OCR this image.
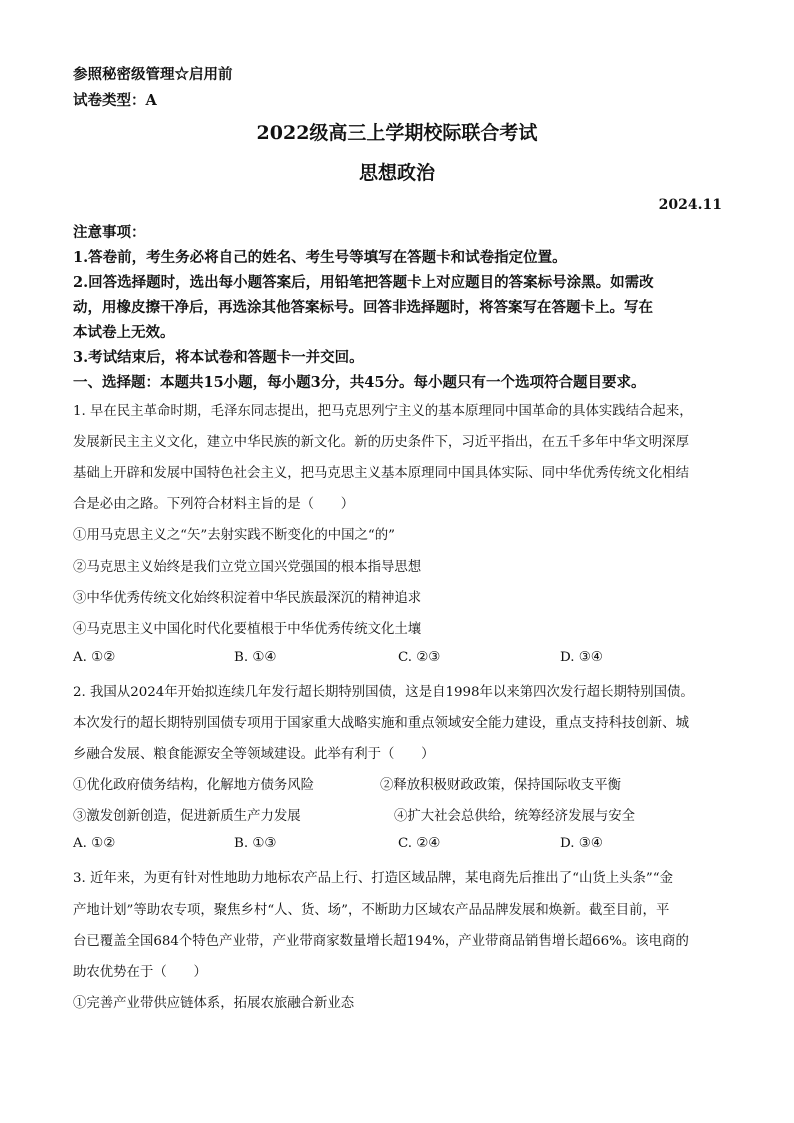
参照秘密级管理☆启用前
试卷类型：A
2022级高三上学期校际联合考试
思想政治
2024.11
注意事项：
1.答卷前，考生务必将自己的姓名、考生号等填写在答题卡和试卷指定位置。
2.回答选择题时，选出每小题答案后，用铅笔把答题卡上对应题目的答案标号涂黑。如需改
动，用橡皮擦干净后，再选涂其他答案标号。回答非选择题时，将答案写在答题卡上。写在
本试卷上无效。
3.考试结束后，将本试卷和答题卡一并交回。
一、选择题：本题共15小题，每小题3分，共45分。每小题只有一个选项符合题目要求。
1. 早在民主革命时期，毛泽东同志提出，把马克思列宁主义的基本原理同中国革命的具体实践结合起来，
发展新民主主义文化，建立中华民族的新文化。新的历史条件下，习近平指出，在五千多年中华文明深厚
基础上开辟和发展中国特色社会主义，把马克思主义基本原理同中国具体实际、同中华优秀传统文化相结
合是必由之路。下列符合材料主旨的是（　　）
①用马克思主义之“矢”去射实践不断变化的中国之“的”
②马克思主义始终是我们立党立国兴党强国的根本指导思想
③中华优秀传统文化始终积淀着中华民族最深沉的精神追求
④马克思主义中国化时代化要植根于中华优秀传统文化土壤
A. ①②	B. ①④	C. ②③	D. ③④
2. 我国从2024年开始拟连续几年发行超长期特别国债，这是自1998年以来第四次发行超长期特别国债。
本次发行的超长期特别国债专项用于国家重大战略实施和重点领域安全能力建设，重点支持科技创新、城
乡融合发展、粮食能源安全等领域建设。此举有利于（　　）
①优化政府债务结构，化解地方债务风险	②释放积极财政政策，保持国际收支平衡
③激发创新创造，促进新质生产力发展	④扩大社会总供给，统筹经济发展与安全
A. ①②	B. ①③	C. ②④	D. ③④
3. 近年来，为更有针对性地助力地标农产品上行、打造区域品牌，某电商先后推出了“山货上头条”“金
产地计划”等助农专项，聚焦乡村“人、货、场”，不断助力区域农产品品牌发展和焕新。截至目前，平
台已覆盖全国684个特色产业带，产业带商家数量增长超194%，产业带商品销售增长超66%。该电商的
助农优势在于（　　）
①完善产业带供应链体系，拓展农旅融合新业态
